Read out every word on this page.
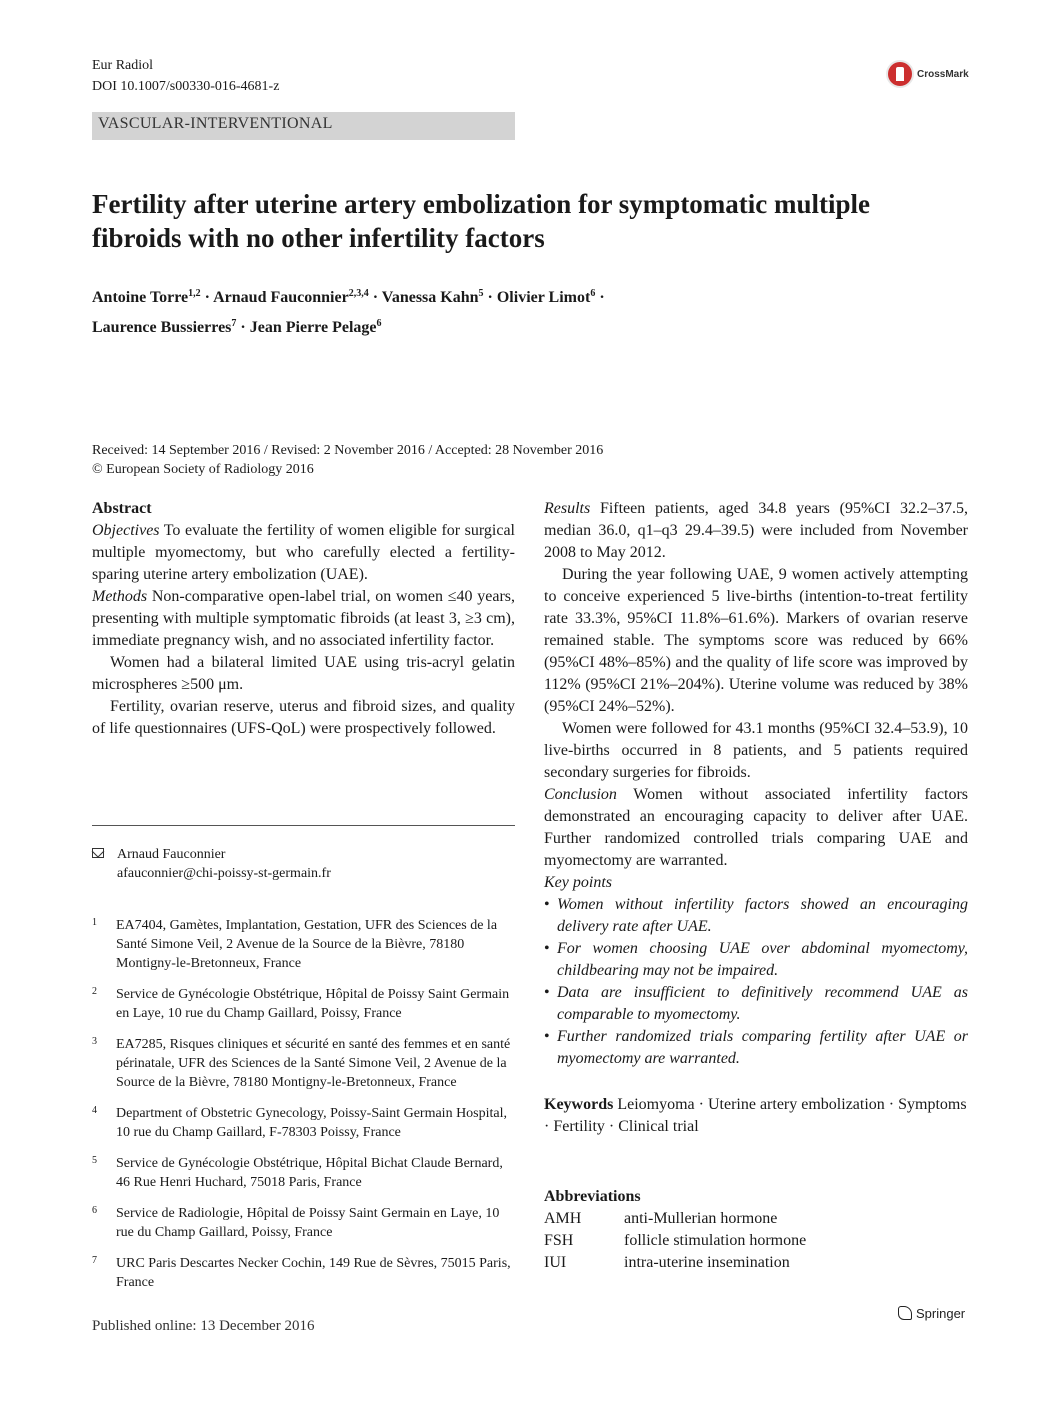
Eur Radiol
DOI 10.1007/s00330-016-4681-z
CrossMark
VASCULAR-INTERVENTIONAL
Fertility after uterine artery embolization for symptomatic multiple fibroids with no other infertility factors
Antoine Torre$^{1,2}$ · Arnaud Fauconnier$^{2,3,4}$ · Vanessa Kahn$^5$ · Olivier Limot$^6$ ·
Laurence Bussierres$^7$ · Jean Pierre Pelage$^6$
Received: 14 September 2016 / Revised: 2 November 2016 / Accepted: 28 November 2016
© European Society of Radiology 2016

Abstract

Objectives To evaluate the fertility of women eligible for surgical multiple myomectomy, but who carefully elected a fertility-sparing uterine artery embolization (UAE).

Methods Non-comparative open-label trial, on women ≤40 years, presenting with multiple symptomatic fibroids (at least 3, ≥3 cm), immediate pregnancy wish, and no associated infertility factor.

Women had a bilateral limited UAE using tris-acryl gelatin microspheres ≥500 μm.

Fertility, ovarian reserve, uterus and fibroid sizes, and quality of life questionnaires (UFS-QoL) were prospectively followed.

Arnaud Fauconnier
afauconnier@chi-poissy-st-germain.fr
1 EA7404, Gamètes, Implantation, Gestation, UFR des Sciences de la Santé Simone Veil, 2 Avenue de la Source de la Bièvre, 78180 Montigny-le-Bretonneux, France
2 Service de Gynécologie Obstétrique, Hôpital de Poissy Saint Germain en Laye, 10 rue du Champ Gaillard, Poissy, France
3 EA7285, Risques cliniques et sécurité en santé des femmes et en santé périnatale, UFR des Sciences de la Santé Simone Veil, 2 Avenue de la Source de la Bièvre, 78180 Montigny-le-Bretonneux, France
4 Department of Obstetric Gynecology, Poissy-Saint Germain Hospital, 10 rue du Champ Gaillard, F-78303 Poissy, France
5 Service de Gynécologie Obstétrique, Hôpital Bichat Claude Bernard, 46 Rue Henri Huchard, 75018 Paris, France
6 Service de Radiologie, Hôpital de Poissy Saint Germain en Laye, 10 rue du Champ Gaillard, Poissy, France
7 URC Paris Descartes Necker Cochin, 149 Rue de Sèvres, 75015 Paris, France

Results Fifteen patients, aged 34.8 years (95%CI 32.2–37.5, median 36.0, q1–q3 29.4–39.5) were included from November 2008 to May 2012.

During the year following UAE, 9 women actively attempting to conceive experienced 5 live-births (intention-to-treat fertility rate 33.3%, 95%CI 11.8%–61.6%). Markers of ovarian reserve remained stable. The symptoms score was reduced by 66% (95%CI 48%–85%) and the quality of life score was improved by 112% (95%CI 21%–204%). Uterine volume was reduced by 38% (95%CI 24%–52%).

Women were followed for 43.1 months (95%CI 32.4–53.9), 10 live-births occurred in 8 patients, and 5 patients required secondary surgeries for fibroids.

Conclusion Women without associated infertility factors demonstrated an encouraging capacity to deliver after UAE. Further randomized controlled trials comparing UAE and myomectomy are warranted.

Key points

• Women without infertility factors showed an encouraging delivery rate after UAE.
• For women choosing UAE over abdominal myomectomy, childbearing may not be impaired.
• Data are insufficient to definitively recommend UAE as comparable to myomectomy.
• Further randomized trials comparing fertility after UAE or myomectomy are warranted.
Keywords Leiomyoma · Uterine artery embolization · Symptoms · Fertility · Clinical trial
Abbreviations
AMH	anti-Mullerian hormone
FSH	follicle stimulation hormone
IUI	intra-uterine insemination
Published online: 13 December 2016
Springer
